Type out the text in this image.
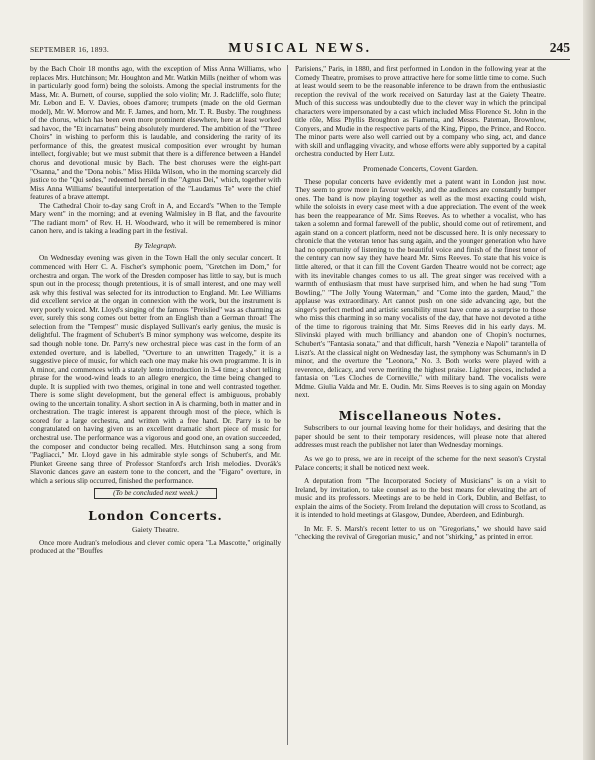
SEPTEMBER 16, 1893.	MUSICAL NEWS.	245

by the Bach Choir 18 months ago, with the exception of Miss Anna Williams, who replaces Mrs. Hutchinson; Mr. Houghton and Mr. Watkin Mills (neither of whom was in particularly good form) being the soloists. Among the special instruments for the Mass, Mr. A. Burnett, of course, supplied the solo violin; Mr. J. Radcliffe, solo flute; Mr. Lebon and E. V. Davies, oboes d'amore; trumpets (made on the old German model), Mr. W. Morrow and Mr. F. James, and horn, Mr. T. R. Busby. The roughness of the chorus, which has been even more prominent elsewhere, here at least worked sad havoc, the "Et incarnatus" being absolutely murdered. The ambition of the "Three Choirs" in wishing to perform this is laudable, and considering the rarity of its performance of this, the greatest musical composition ever wrought by human intellect, forgivable; but we must submit that there is a difference between a Handel chorus and devotional music by Bach. The best choruses were the eight-part "Osanna," and the "Dona nobis." Miss Hilda Wilson, who in the morning scarcely did justice to the "Qui sedes," redeemed herself in the "Agnus Dei," which, together with Miss Anna Williams' beautiful interpretation of the "Laudamus Te" were the chief features of a brave attempt.

The Cathedral Choir to-day sang Croft in A, and Eccard's "When to the Temple Mary went" in the morning; and at evening Walmisley in B flat, and the favourite "The radiant morn" of Rev. H. H. Woodward, who it will be remembered is minor canon here, and is taking a leading part in the festival.

By Telegraph.

On Wednesday evening was given in the Town Hall the only secular concert. It commenced with Herr C. A. Fischer's symphonic poem, "Gretchen im Dom," for orchestra and organ. The work of the Dresden composer has little to say, but is much spun out in the process; though pretentious, it is of small interest, and one may well ask why this festival was selected for its introduction to England. Mr. Lee Williams did excellent service at the organ in connexion with the work, but the instrument is very poorly voiced. Mr. Lloyd's singing of the famous "Preislied" was as charming as ever, surely this song comes out better from an English than a German throat! The selection from the "Tempest" music displayed Sullivan's early genius, the music is delightful. The fragment of Schubert's B minor symphony was welcome, despite its sad though noble tone. Dr. Parry's new orchestral piece was cast in the form of an extended overture, and is labelled, "Overture to an unwritten Tragedy," it is a suggestive piece of music, for which each one may make his own programme. It is in A minor, and commences with a stately lento introduction in 3-4 time; a short telling phrase for the wood-wind leads to an allegro energico, the time being changed to duple. It is supplied with two themes, original in tone and well contrasted together. There is some slight development, but the general effect is ambiguous, probably owing to the uncertain tonality. A short section in A is charming, both in matter and in orchestration. The tragic interest is apparent through most of the piece, which is scored for a large orchestra, and written with a free hand. Dr. Parry is to be congratulated on having given us an excellent dramatic short piece of music for orchestral use. The performance was a vigorous and good one, an ovation succeeded, the composer and conductor being recalled. Mrs. Hutchinson sang a song from "Pagliacci," Mr. Lloyd gave in his admirable style songs of Schubert's, and Mr. Plunket Greene sang three of Professor Stanford's arch Irish melodies. Dvorák's Slavonic dances gave an eastern tone to the concert, and the "Figaro" overture, in which a serious slip occurred, finished the performance.

(To be concluded next week.)
London Concerts.
Gaiety Theatre.

Once more Audran's melodious and clever comic opera "La Mascotte," originally produced at the "Bouffes

Parisiens," Paris, in 1880, and first performed in London in the following year at the Comedy Theatre, promises to prove attractive here for some little time to come. Such at least would seem to be the reasonable inference to be drawn from the enthusiastic reception the revival of the work received on Saturday last at the Gaiety Theatre. Much of this success was undoubtedly due to the clever way in which the principal characters were impersonated by a cast which included Miss Florence St. John in the title rôle, Miss Phyllis Broughton as Fiametta, and Messrs. Pateman, Brownlow, Conyers, and Mudie in the respective parts of the King, Pippo, the Prince, and Rocco. The minor parts were also well carried out by a company who sing, act, and dance with skill and unflagging vivacity, and whose efforts were ably supported by a capital orchestra conducted by Herr Lutz.

Promenade Concerts, Covent Garden.

These popular concerts have evidently met a patent want in London just now. They seem to grow more in favour weekly, and the audiences are constantly bumper ones. The band is now playing together as well as the most exacting could wish, while the soloists in every case meet with a due appreciation. The event of the week has been the reappearance of Mr. Sims Reeves. As to whether a vocalist, who has taken a solemn and formal farewell of the public, should come out of retirement, and again stand on a concert platform, need not be discussed here. It is only necessary to chronicle that the veteran tenor has sung again, and the younger generation who have had no opportunity of listening to the beautiful voice and finish of the finest tenor of the century can now say they have heard Mr. Sims Reeves. To state that his voice is little altered, or that it can fill the Covent Garden Theatre would not be correct; age with its inevitable changes comes to us all. The great singer was received with a warmth of enthusiasm that must have surprised him, and when he had sung "Tom Bowling," "The Jolly Young Waterman," and "Come into the garden, Maud," the applause was extraordinary. Art cannot push on one side advancing age, but the singer's perfect method and artistic sensibility must have come as a surprise to those who miss this charming in so many vocalists of the day, that have not devoted a tithe of the time to rigorous training that Mr. Sims Reeves did in his early days. M. Slivinski played with much brilliancy and abandon one of Chopin's nocturnes, Schubert's "Fantasia sonata," and that difficult, harsh "Venezia e Napoli" tarantella of Liszt's. At the classical night on Wednesday last, the symphony was Schumann's in D minor, and the overture the "Leonora," No. 3. Both works were played with a reverence, delicacy, and verve meriting the highest praise. Lighter pieces, included a fantasia on "Les Cloches de Corneville," with military band. The vocalists were Mdme. Giulia Valda and Mr. E. Oudin. Mr. Sims Reeves is to sing again on Monday next.

Miscellaneous Notes.

Subscribers to our journal leaving home for their holidays, and desiring that the paper should be sent to their temporary residences, will please note that altered addresses must reach the publisher not later than Wednesday mornings.

As we go to press, we are in receipt of the scheme for the next season's Crystal Palace concerts; it shall be noticed next week.

A deputation from "The Incorporated Society of Musicians" is on a visit to Ireland, by invitation, to take counsel as to the best means for elevating the art of music and its professors. Meetings are to be held in Cork, Dublin, and Belfast, to explain the aims of the Society. From Ireland the deputation will cross to Scotland, as it is intended to hold meetings at Glasgow, Dundee, Aberdeen, and Edinburgh.

In Mr. F. S. Marsh's recent letter to us on "Gregorians," we should have said "checking the revival of Gregorian music," and not "shirking," as printed in error.
